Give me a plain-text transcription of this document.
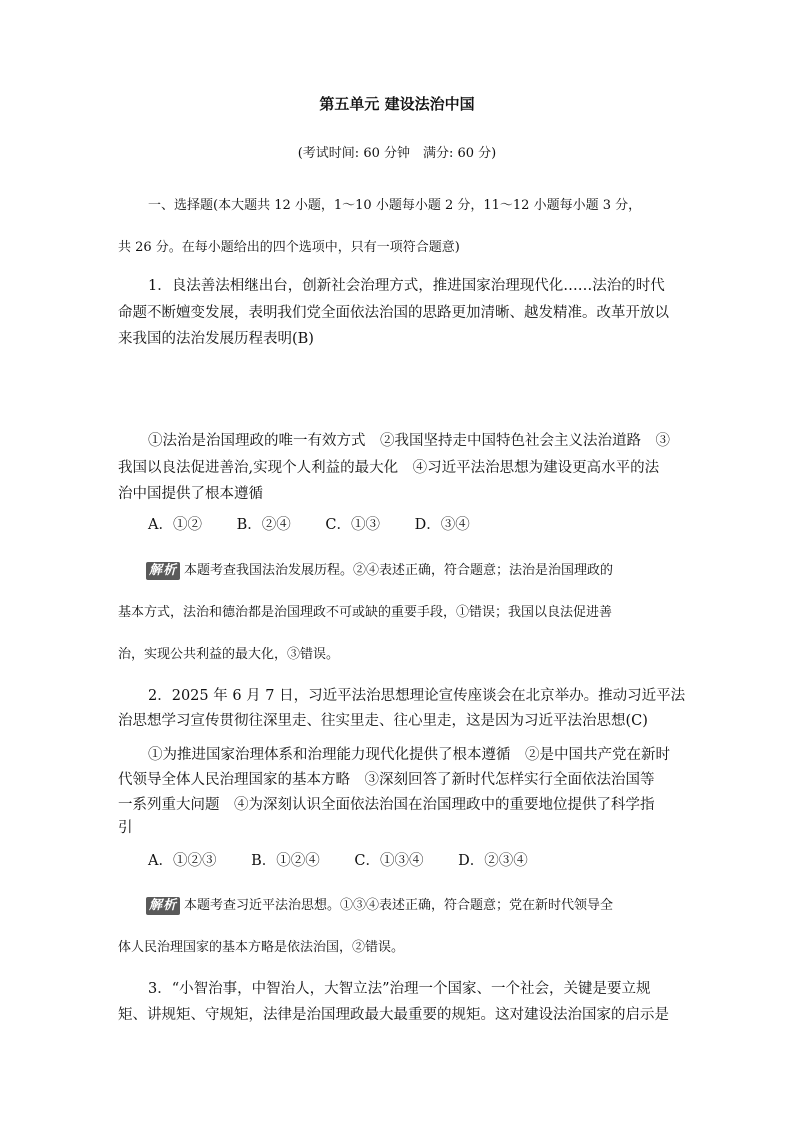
第五单元 建设法治中国
(考试时间: 60 分钟　满分: 60 分)
一、选择题(本大题共 12 小题，1～10 小题每小题 2 分，11～12 小题每小题 3 分，
共 26 分。在每小题给出的四个选项中，只有一项符合题意)
1．良法善法相继出台，创新社会治理方式，推进国家治理现代化……法治的时代
命题不断嬗变发展，表明我们党全面依法治国的思路更加清晰、越发精准。改革开放以
来我国的法治发展历程表明(B)
①法治是治国理政的唯一有效方式　②我国坚持走中国特色社会主义法治道路　③
我国以良法促进善治,实现个人利益的最大化　④习近平法治思想为建设更高水平的法
治中国提供了根本遵循
A．①② B．②④ C．①③ D．③④
解析 本题考查我国法治发展历程。②④表述正确，符合题意；法治是治国理政的
基本方式，法治和德治都是治国理政不可或缺的重要手段，①错误；我国以良法促进善
治，实现公共利益的最大化，③错误。
2．2025 年 6 月 7 日，习近平法治思想理论宣传座谈会在北京举办。推动习近平法
治思想学习宣传贯彻往深里走、往实里走、往心里走，这是因为习近平法治思想(C)
①为推进国家治理体系和治理能力现代化提供了根本遵循　②是中国共产党在新时
代领导全体人民治理国家的基本方略　③深刻回答了新时代怎样实行全面依法治国等
一系列重大问题　④为深刻认识全面依法治国在治国理政中的重要地位提供了科学指
引
A．①②③ B．①②④ C．①③④ D．②③④
解析 本题考查习近平法治思想。①③④表述正确，符合题意；党在新时代领导全
体人民治理国家的基本方略是依法治国，②错误。
3．“小智治事，中智治人，大智立法”治理一个国家、一个社会，关键是要立规
矩、讲规矩、守规矩，法律是治国理政最大最重要的规矩。这对建设法治国家的启示是
